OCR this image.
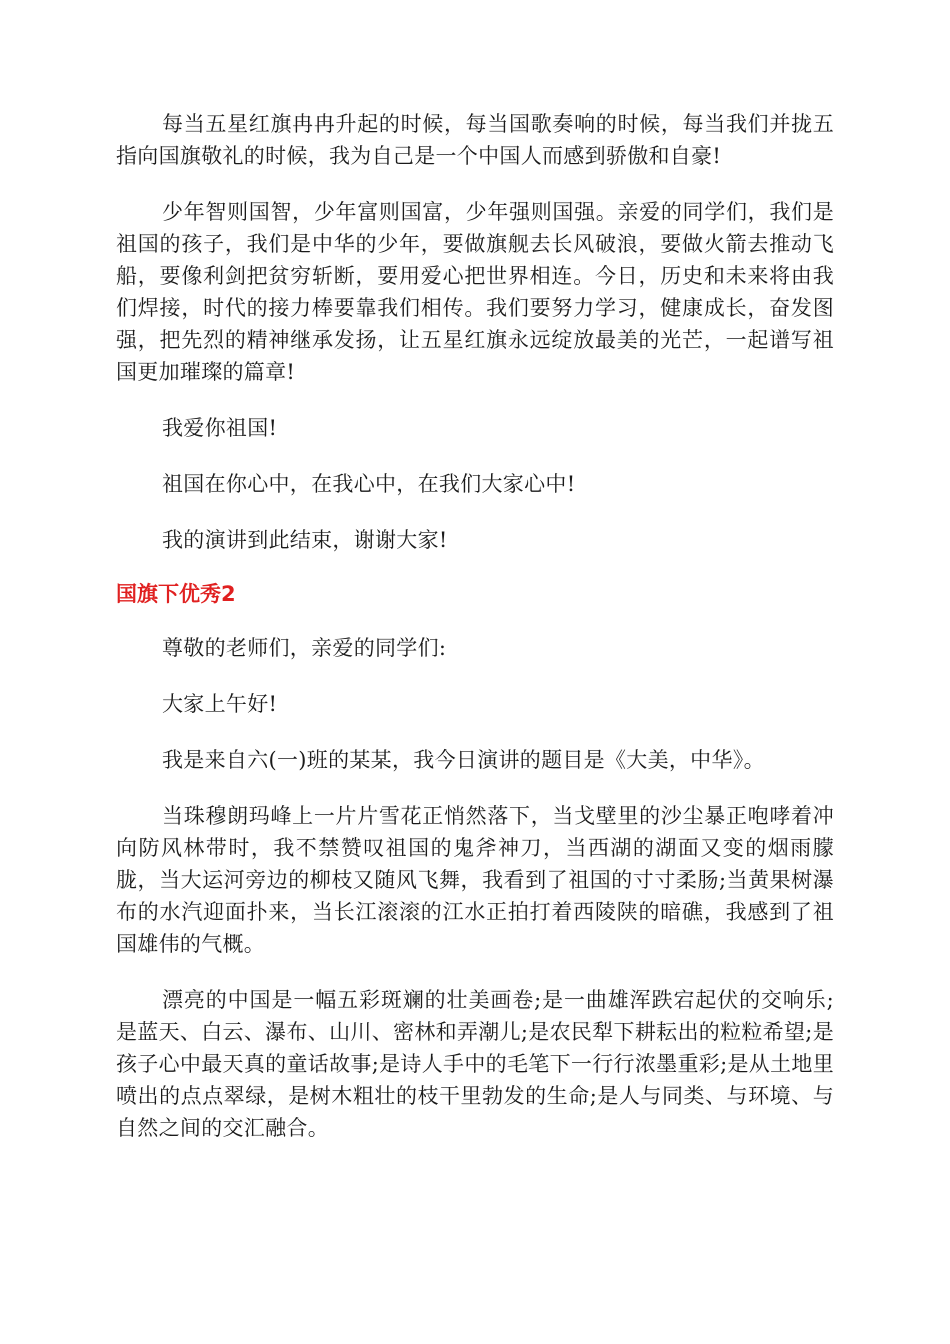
每当五星红旗冉冉升起的时候，每当国歌奏响的时候，每当我们并拢五指向国旗敬礼的时候，我为自己是一个中国人而感到骄傲和自豪!

少年智则国智，少年富则国富，少年强则国强。亲爱的同学们，我们是祖国的孩子，我们是中华的少年，要做旗舰去长风破浪，要做火箭去推动飞船，要像利剑把贫穷斩断，要用爱心把世界相连。今日，历史和未来将由我们焊接，时代的接力棒要靠我们相传。我们要努力学习，健康成长，奋发图强，把先烈的精神继承发扬，让五星红旗永远绽放最美的光芒，一起谱写祖国更加璀璨的篇章!

我爱你祖国!

祖国在你心中，在我心中，在我们大家心中!

我的演讲到此结束，谢谢大家!

国旗下优秀2

尊敬的老师们，亲爱的同学们:

大家上午好!

我是来自六(一)班的某某，我今日演讲的题目是《大美，中华》。

当珠穆朗玛峰上一片片雪花正悄然落下，当戈壁里的沙尘暴正咆哮着冲向防风林带时，我不禁赞叹祖国的鬼斧神刀，当西湖的湖面又变的烟雨朦胧，当大运河旁边的柳枝又随风飞舞，我看到了祖国的寸寸柔肠;当黄果树瀑布的水汽迎面扑来，当长江滚滚的江水正拍打着西陵陕的暗礁，我感到了祖国雄伟的气概。

漂亮的中国是一幅五彩斑斓的壮美画卷;是一曲雄浑跌宕起伏的交响乐;是蓝天、白云、瀑布、山川、密林和弄潮儿;是农民犁下耕耘出的粒粒希望;是孩子心中最天真的童话故事;是诗人手中的毛笔下一行行浓墨重彩;是从土地里喷出的点点翠绿，是树木粗壮的枝干里勃发的生命;是人与同类、与环境、与自然之间的交汇融合。
